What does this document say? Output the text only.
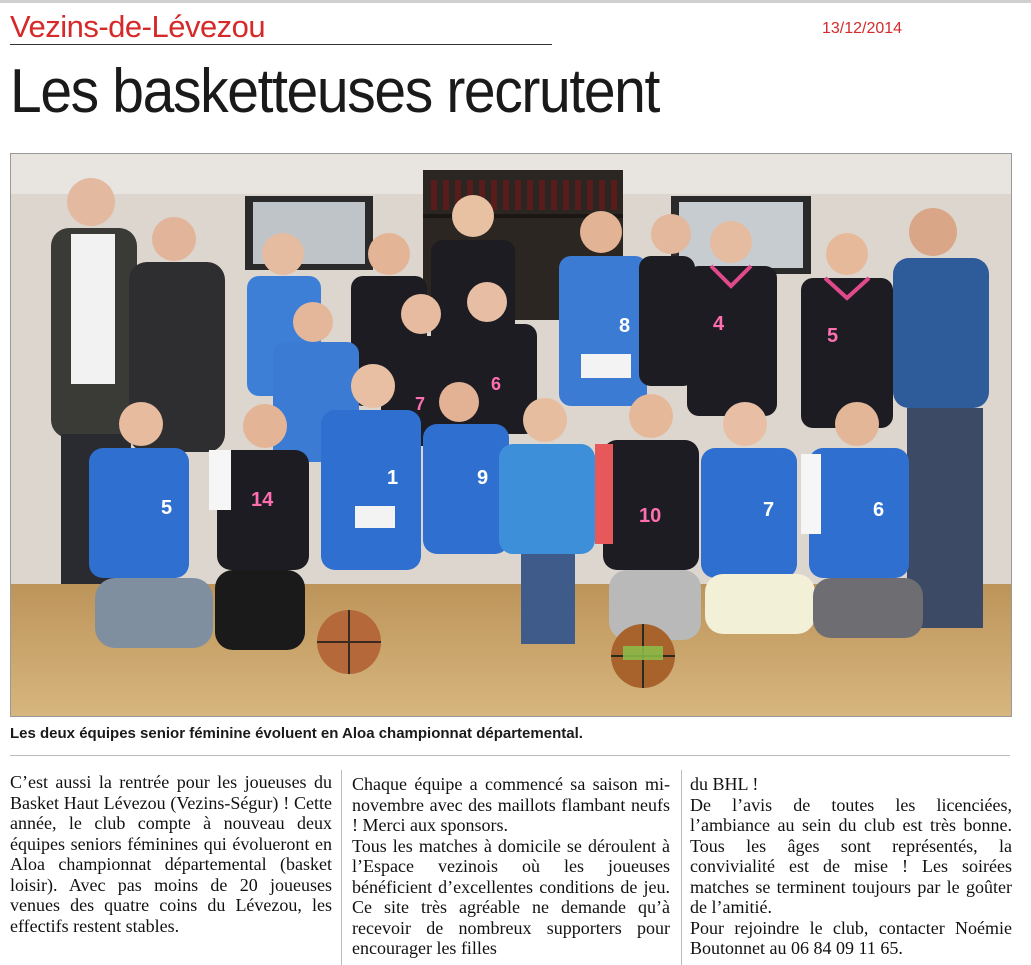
Vezins-de-Lévezou	13/12/2014
Les basketteuses recrutent
8	4
5
7
6
5	14
1	9
10	7	6
Les deux équipes senior féminine évoluent en Aloa championnat départemental.

C’est aussi la rentrée pour les joueuses du Basket Haut Lévezou (Vezins-Ségur) ! Cette année, le club compte à nouveau deux équipes seniors féminines qui évolueront en Aloa championnat départemental (basket loisir). Avec pas moins de 20 joueuses venues des quatre coins du Lévezou, les effectifs restent stables.

Chaque équipe a commencé sa saison mi-novembre avec des maillots flambant neufs ! Merci aux sponsors.

Tous les matches à domicile se déroulent à l’Espace vezinois où les joueuses bénéficient d’excellentes conditions de jeu. Ce site très agréable ne demande qu’à recevoir de nombreux supporters pour encourager les filles

du BHL !

De l’avis de toutes les licenciées, l’ambiance au sein du club est très bonne. Tous les âges sont représentés, la convivialité est de mise ! Les soirées matches se terminent toujours par le goûter de l’amitié.

Pour rejoindre le club, contacter Noémie Boutonnet au 06 84 09 11 65.
